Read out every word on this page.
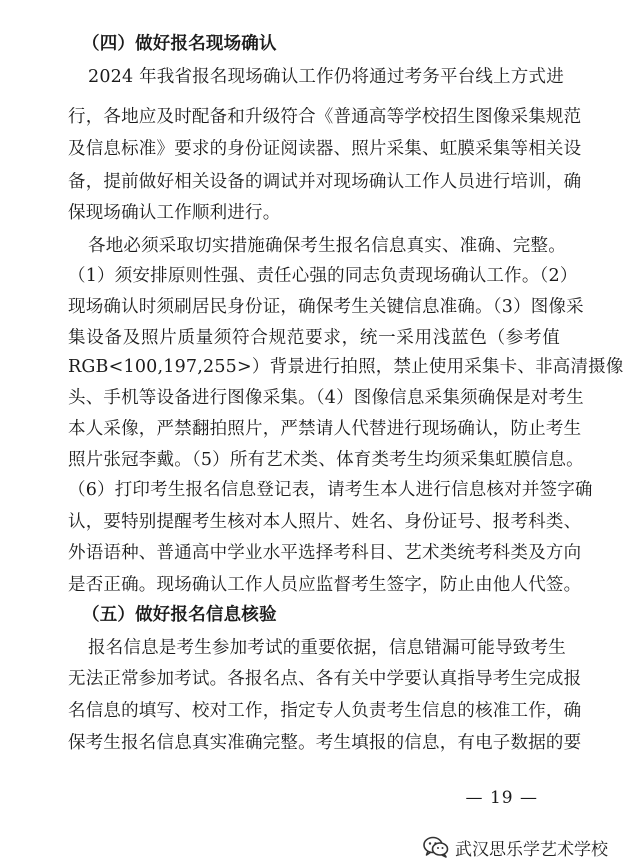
（四）做好报名现场确认
2024 年我省报名现场确认工作仍将通过考务平台线上方式进
行，各地应及时配备和升级符合《普通高等学校招生图像采集规范
及信息标准》要求的身份证阅读器、照片采集、虹膜采集等相关设
备，提前做好相关设备的调试并对现场确认工作人员进行培训，确
保现场确认工作顺利进行。
各地必须采取切实措施确保考生报名信息真实、准确、完整。
（1）须安排原则性强、责任心强的同志负责现场确认工作。（2）
现场确认时须刷居民身份证，确保考生关键信息准确。（3）图像采
集设备及照片质量须符合规范要求，统一采用浅蓝色（参考值
RGB<100,197,255>）背景进行拍照，禁止使用采集卡、非高清摄像
头、手机等设备进行图像采集。（4）图像信息采集须确保是对考生
本人采像，严禁翻拍照片，严禁请人代替进行现场确认，防止考生
照片张冠李戴。（5）所有艺术类、体育类考生均须采集虹膜信息。
（6）打印考生报名信息登记表，请考生本人进行信息核对并签字确
认，要特别提醒考生核对本人照片、姓名、身份证号、报考科类、
外语语种、普通高中学业水平选择考科目、艺术类统考科类及方向
是否正确。现场确认工作人员应监督考生签字，防止由他人代签。
（五）做好报名信息核验
报名信息是考生参加考试的重要依据，信息错漏可能导致考生
无法正常参加考试。各报名点、各有关中学要认真指导考生完成报
名信息的填写、校对工作，指定专人负责考生信息的核准工作，确
保考生报名信息真实准确完整。考生填报的信息，有电子数据的要
— 19 —
武汉思乐学艺术学校
